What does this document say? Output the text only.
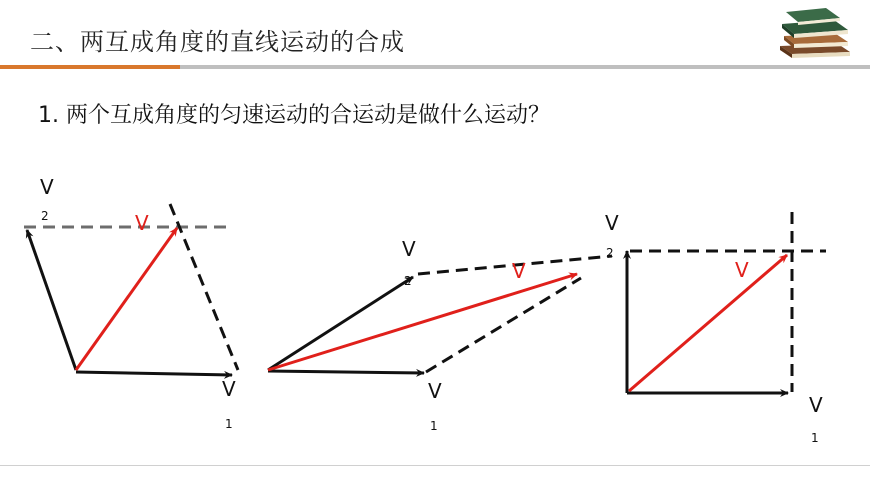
二、两互成角度的直线运动的合成
1. 两个互成角度的匀速运动的合运动是做什么运动？
V
2	V
V
1
V
2	V
V
1
V
2
V
V
1
